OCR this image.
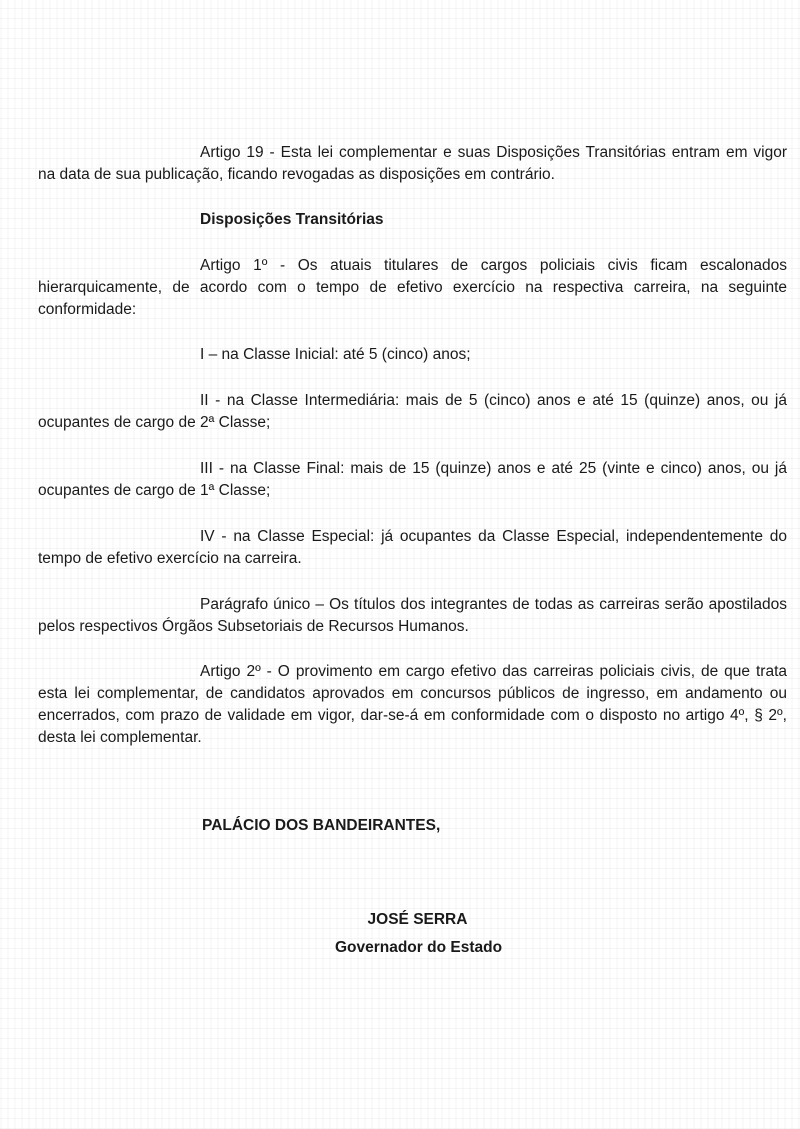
Artigo 19 - Esta lei complementar e suas Disposições Transitórias entram em vigor na data de sua publicação, ficando revogadas as disposições em contrário.

Disposições Transitórias

Artigo 1º - Os atuais titulares de cargos policiais civis ficam escalonados hierarquicamente, de acordo com o tempo de efetivo exercício na respectiva carreira, na seguinte conformidade:

I – na Classe Inicial: até 5 (cinco) anos;

II - na Classe Intermediária: mais de 5 (cinco) anos e até 15 (quinze) anos, ou já ocupantes de cargo de 2ª Classe;

III - na Classe Final: mais de 15 (quinze) anos e até 25 (vinte e cinco) anos, ou já ocupantes de cargo de 1ª Classe;

IV - na Classe Especial: já ocupantes da Classe Especial, independentemente do tempo de efetivo exercício na carreira.

Parágrafo único – Os títulos dos integrantes de todas as carreiras serão apostilados pelos respectivos Órgãos Subsetoriais de Recursos Humanos.

Artigo 2º - O provimento em cargo efetivo das carreiras policiais civis, de que trata esta lei complementar, de candidatos aprovados em concursos públicos de ingresso, em andamento ou encerrados, com prazo de validade em vigor, dar-se-á em conformidade com o disposto no artigo 4º, § 2º, desta lei complementar.

PALÁCIO DOS BANDEIRANTES,

JOSÉ SERRA
Governador do Estado
